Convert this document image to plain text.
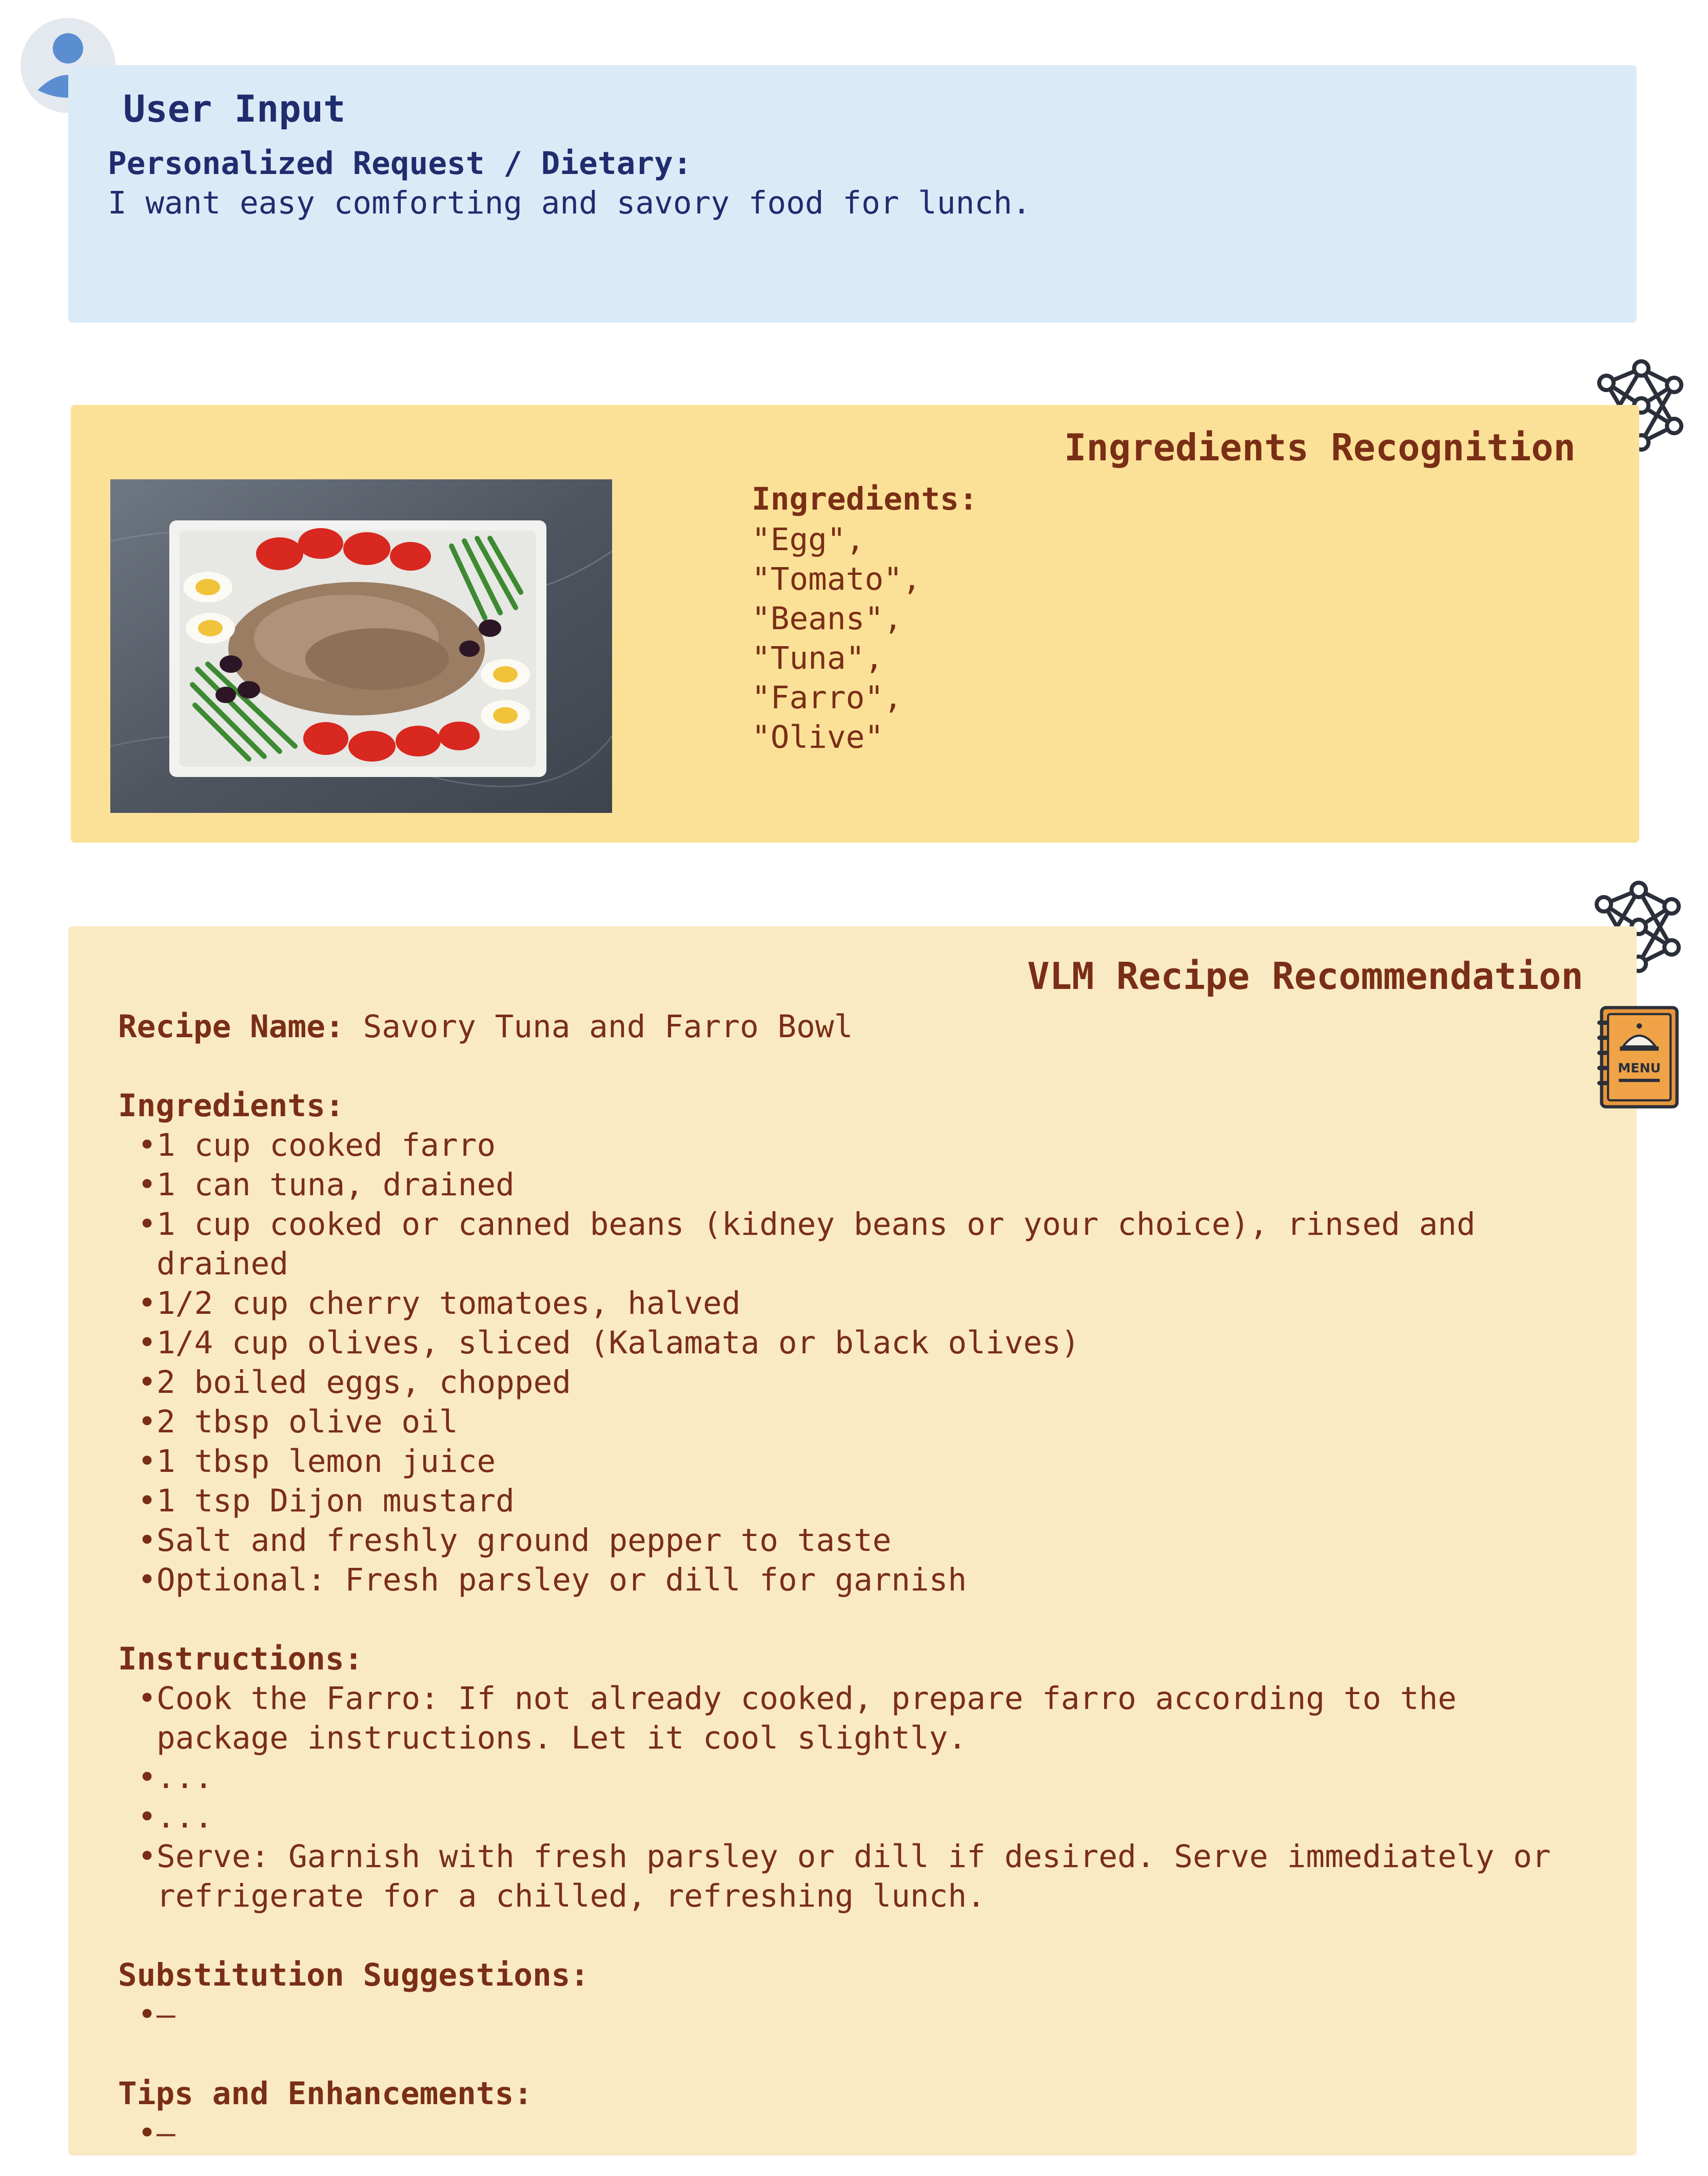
User Input
Personalized Request / Dietary:
I want easy comforting and savory food for lunch.
Ingredients Recognition
Ingredients:
"Egg",
"Tomato",
"Beans",
"Tuna",
"Farro",
"Olive"
MENU
VLM Recipe Recommendation
Recipe Name: Savory Tuna and Farro Bowl
Ingredients:
• 1 cup cooked farro
• 1 can tuna, drained
• 1 cup cooked or canned beans (kidney beans or your choice), rinsed and drained
• 1/2 cup cherry tomatoes, halved
• 1/4 cup olives, sliced (Kalamata or black olives)
• 2 boiled eggs, chopped
• 2 tbsp olive oil
• 1 tbsp lemon juice
• 1 tsp Dijon mustard
• Salt and freshly ground pepper to taste
• Optional: Fresh parsley or dill for garnish
Instructions:
• Cook the Farro: If not already cooked, prepare farro according to the package instructions. Let it cool slightly.
• ...
• ...
• Serve: Garnish with fresh parsley or dill if desired. Serve immediately or refrigerate for a chilled, refreshing lunch.
Substitution Suggestions:
• –
Tips and Enhancements:
• –
